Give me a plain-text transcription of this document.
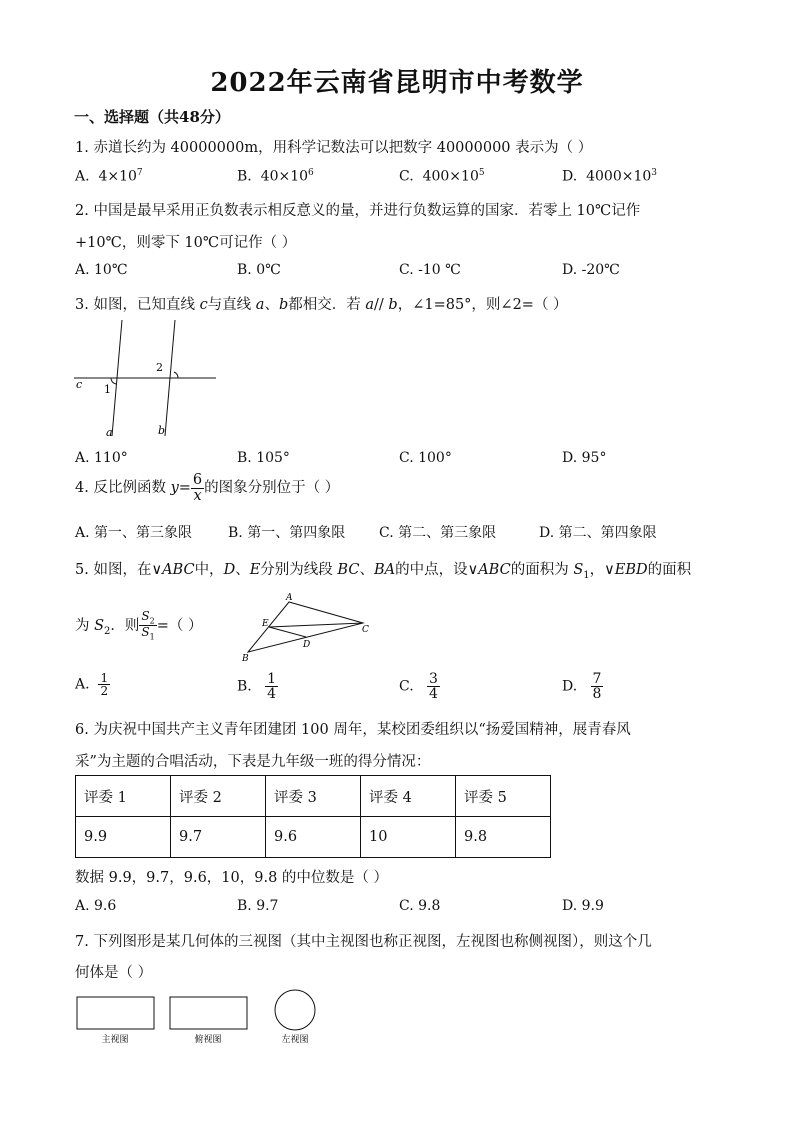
2022年云南省昆明市中考数学
一、选择题（共48分）
1. 赤道长约为 40000000m，用科学记数法可以把数字 40000000 表示为（ ）
A. $4\times 10^7$	B. $40\times 10^6$	C. $400\times 10^5$	D. $4000\times 10^3$
2. 中国是最早采用正负数表示相反意义的量，并进行负数运算的国家．若零上 10℃记作
+10℃，则零下 10℃可记作（ ）
A. 10℃	B. 0℃	C. -10 ℃	D. -20℃
3. 如图，已知直线 c与直线 a、b都相交．若 a// b，∠1=85°，则∠2=（ ）
c 1
2
a	b
A. 110°	B. 105°	C. 100°	D. 95°
4. 反比例函数 $y= \frac{6}{x}$ 的图象分别位于（ ）
A. 第一、第三象限	B. 第一、第四象限 C. 第二、第三象限	D. 第二、第四象限
5. 如图，在∨ABC中，D、E分别为线段 BC、BA的中点，设∨ABC的面积为 $S_1$，∨EBD的面积
为 $S_2$．则 $\frac{S_2}{S_1}$ =（ ）
A
B
C
D
E
A. $\frac{1}{2}$	B. $\frac{1}{4}$	C. $\frac{3}{4}$	D. $\frac{7}{8}$
6. 为庆祝中国共产主义青年团建团 100 周年，某校团委组织以“扬爱国精神，展青春风
采”为主题的合唱活动，下表是九年级一班的得分情况：
评委 1	评委 2	评委 3	评委 4	评委 5
9.9	9.7	9.6	10	9.8
数据 9.9，9.7，9.6，10，9.8 的中位数是（ ）
A. 9.6	B. 9.7	C. 9.8	D. 9.9
7. 下列图形是某几何体的三视图（其中主视图也称正视图，左视图也称侧视图），则这个几
何体是（ ）
主视图	俯视图	左视图
